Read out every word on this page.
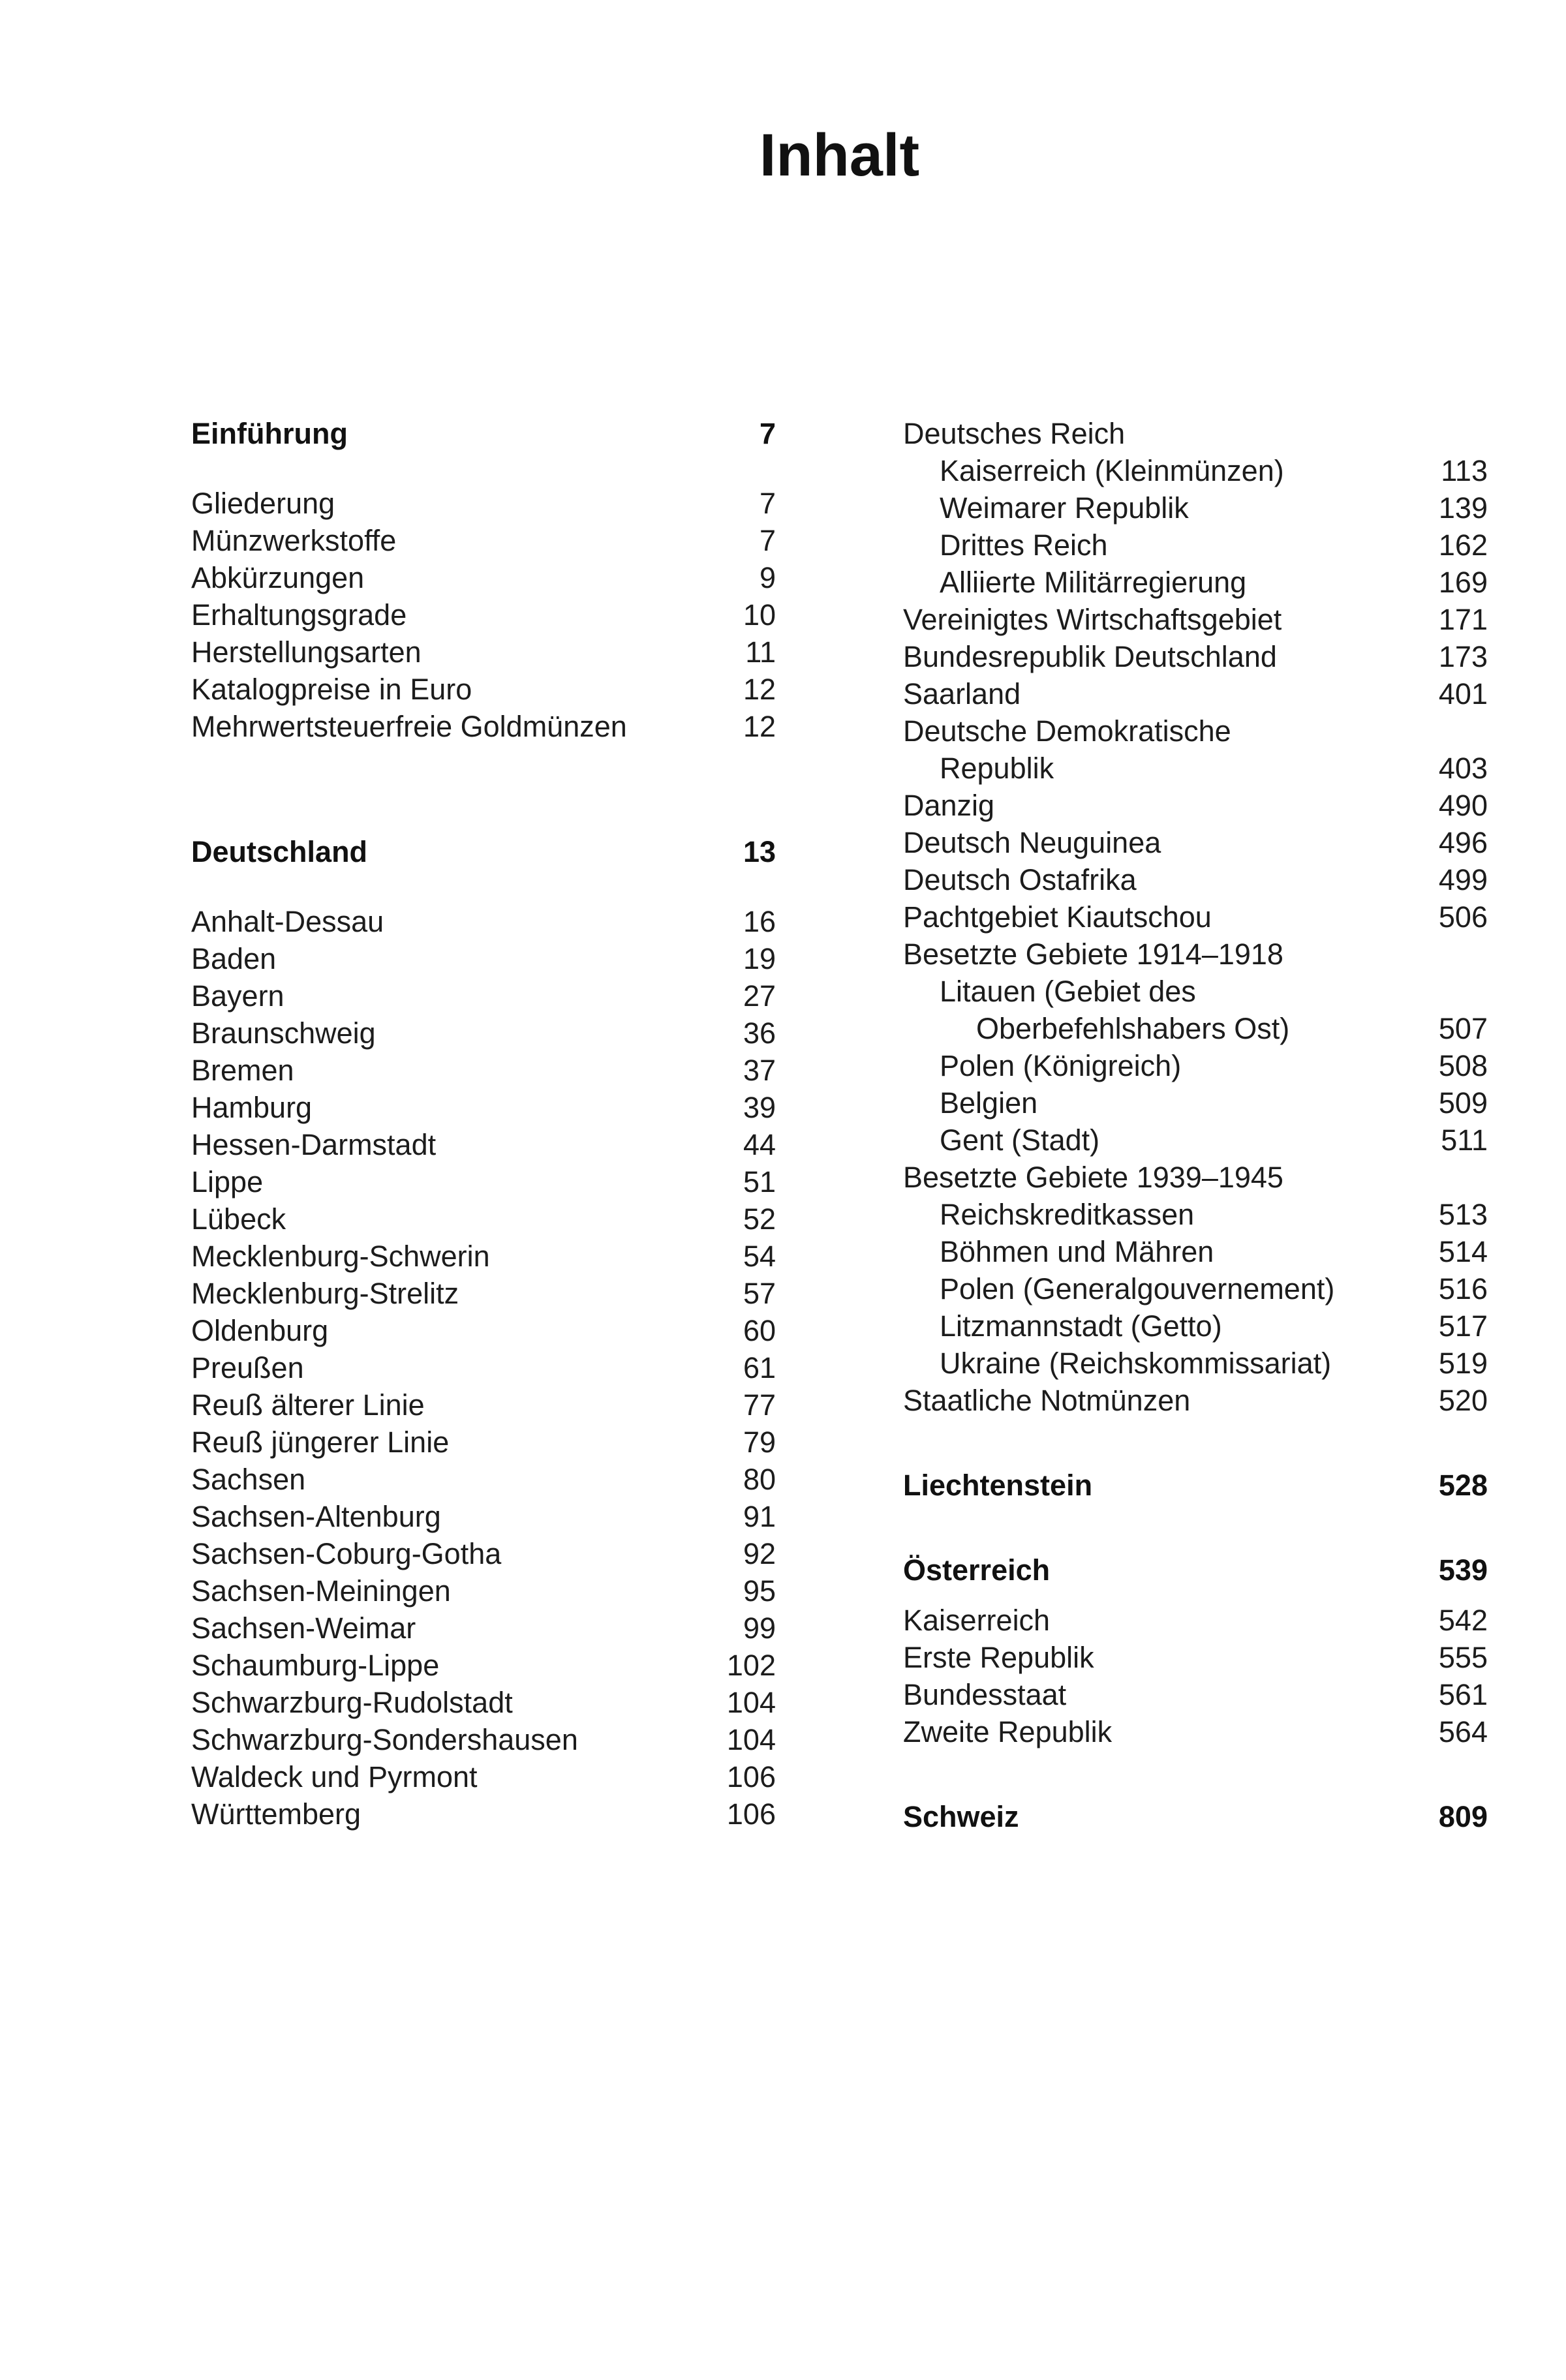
Inhalt
Einführung	7
Gliederung	7
Münzwerkstoffe	7
Abkürzungen	9
Erhaltungsgrade	10
Herstellungsarten	11
Katalogpreise in Euro	12
Mehrwertsteuerfreie Goldmünzen	12
Deutschland	13
Anhalt-Dessau	16
Baden	19
Bayern	27
Braunschweig	36
Bremen	37
Hamburg	39
Hessen-Darmstadt	44
Lippe	51
Lübeck	52
Mecklenburg-Schwerin	54
Mecklenburg-Strelitz	57
Oldenburg	60
Preußen	61
Reuß älterer Linie	77
Reuß jüngerer Linie	79
Sachsen	80
Sachsen-Altenburg	91
Sachsen-Coburg-Gotha	92
Sachsen-Meiningen	95
Sachsen-Weimar	99
Schaumburg-Lippe	102
Schwarzburg-Rudolstadt	104
Schwarzburg-Sondershausen	104
Waldeck und Pyrmont	106
Württemberg	106
Deutsches Reich
Kaiserreich (Kleinmünzen)	113
Weimarer Republik	139
Drittes Reich	162
Alliierte Militärregierung	169
Vereinigtes Wirtschaftsgebiet	171
Bundesrepublik Deutschland	173
Saarland	401
Deutsche Demokratische
Republik	403
Danzig	490
Deutsch Neuguinea	496
Deutsch Ostafrika	499
Pachtgebiet Kiautschou	506
Besetzte Gebiete 1914–1918
Litauen (Gebiet des
Oberbefehlshabers Ost)	507
Polen (Königreich)	508
Belgien	509
Gent (Stadt)	511
Besetzte Gebiete 1939–1945
Reichskreditkassen	513
Böhmen und Mähren	514
Polen (Generalgouvernement)	516
Litzmannstadt (Getto)	517
Ukraine (Reichskommissariat)	519
Staatliche Notmünzen	520
Liechtenstein	528
Österreich	539
Kaiserreich	542
Erste Republik	555
Bundesstaat	561
Zweite Republik	564
Schweiz	809
